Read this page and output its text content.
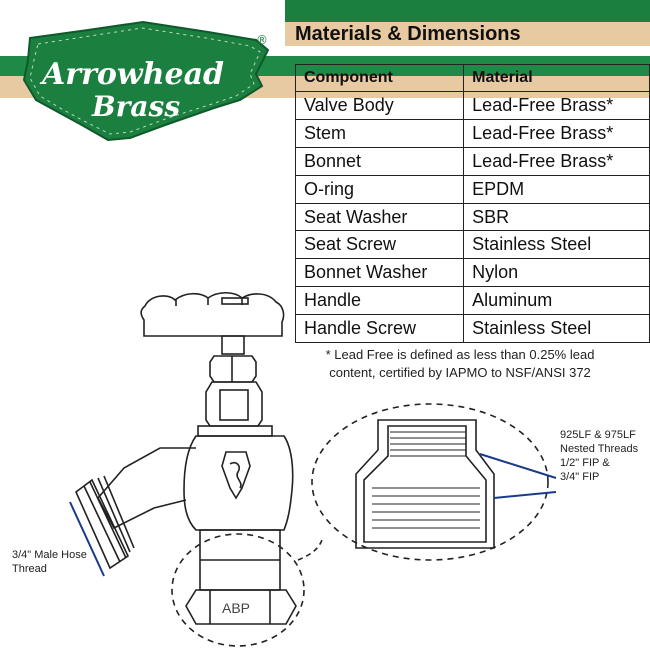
Materials & Dimensions
Arrowhead
Brass
®
Component	Material
Valve Body	Lead-Free Brass*
Stem	Lead-Free Brass*
Bonnet	Lead-Free Brass*
O-ring	EPDM
Seat Washer	SBR
Seat Screw	Stainless Steel
Bonnet Washer	Nylon
Handle	Aluminum
Handle Screw	Stainless Steel
* Lead Free is defined as less than 0.25% lead
content, certified by IAPMO to NSF/ANSI 372
ABP
3/4" Male Hose
Thread
925LF & 975LF
Nested Threads
1/2" FIP &
3/4" FIP
